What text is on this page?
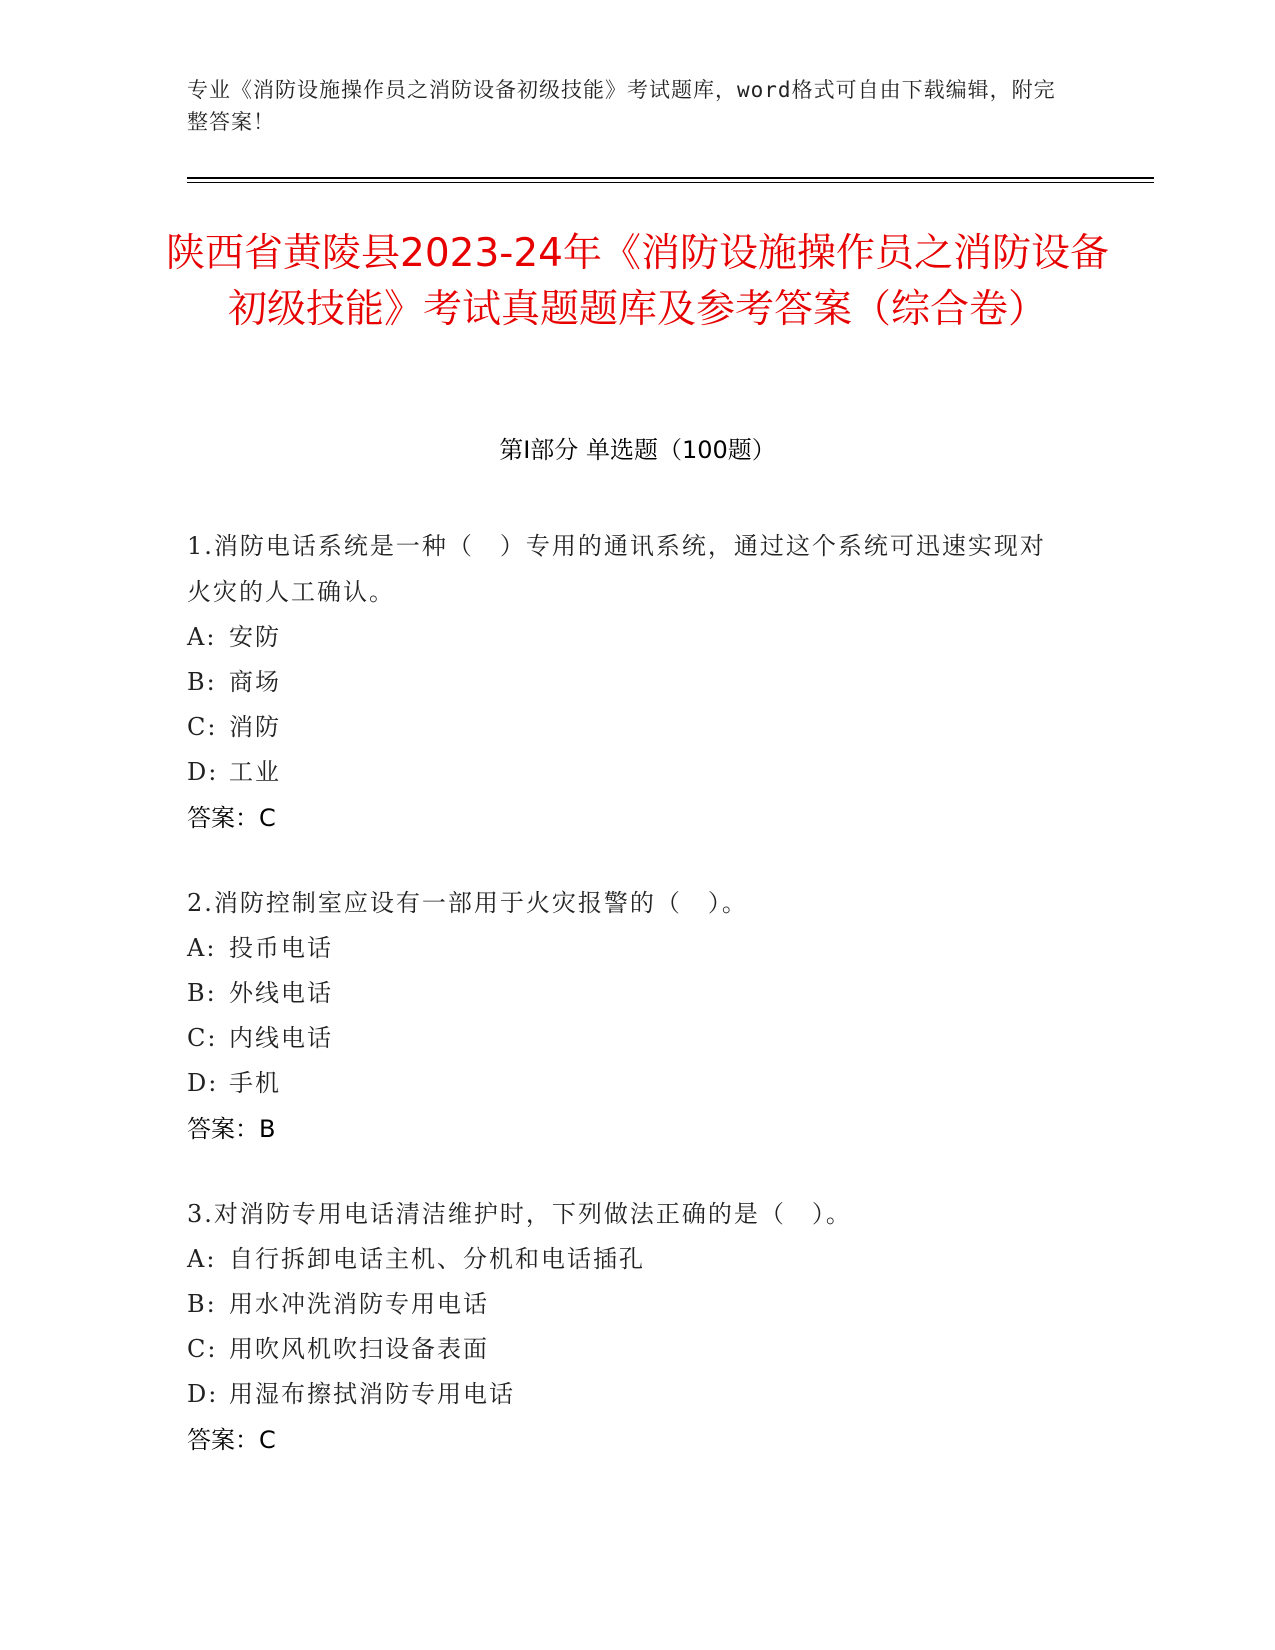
专业《消防设施操作员之消防设备初级技能》考试题库，word格式可自由下载编辑，附完整答案！
陕西省黄陵县2023-24年《消防设施操作员之消防设备初级技能》考试真题题库及参考答案（综合卷）
第I部分 单选题（100题）
1.消防电话系统是一种（　）专用的通讯系统，通过这个系统可迅速实现对火灾的人工确认。
A: 安防
B: 商场
C: 消防
D: 工业
答案：C
2.消防控制室应设有一部用于火灾报警的（　）。
A: 投币电话
B: 外线电话
C: 内线电话
D: 手机
答案：B
3.对消防专用电话清洁维护时，下列做法正确的是（　）。
A: 自行拆卸电话主机、分机和电话插孔
B: 用水冲洗消防专用电话
C: 用吹风机吹扫设备表面
D: 用湿布擦拭消防专用电话
答案：C
